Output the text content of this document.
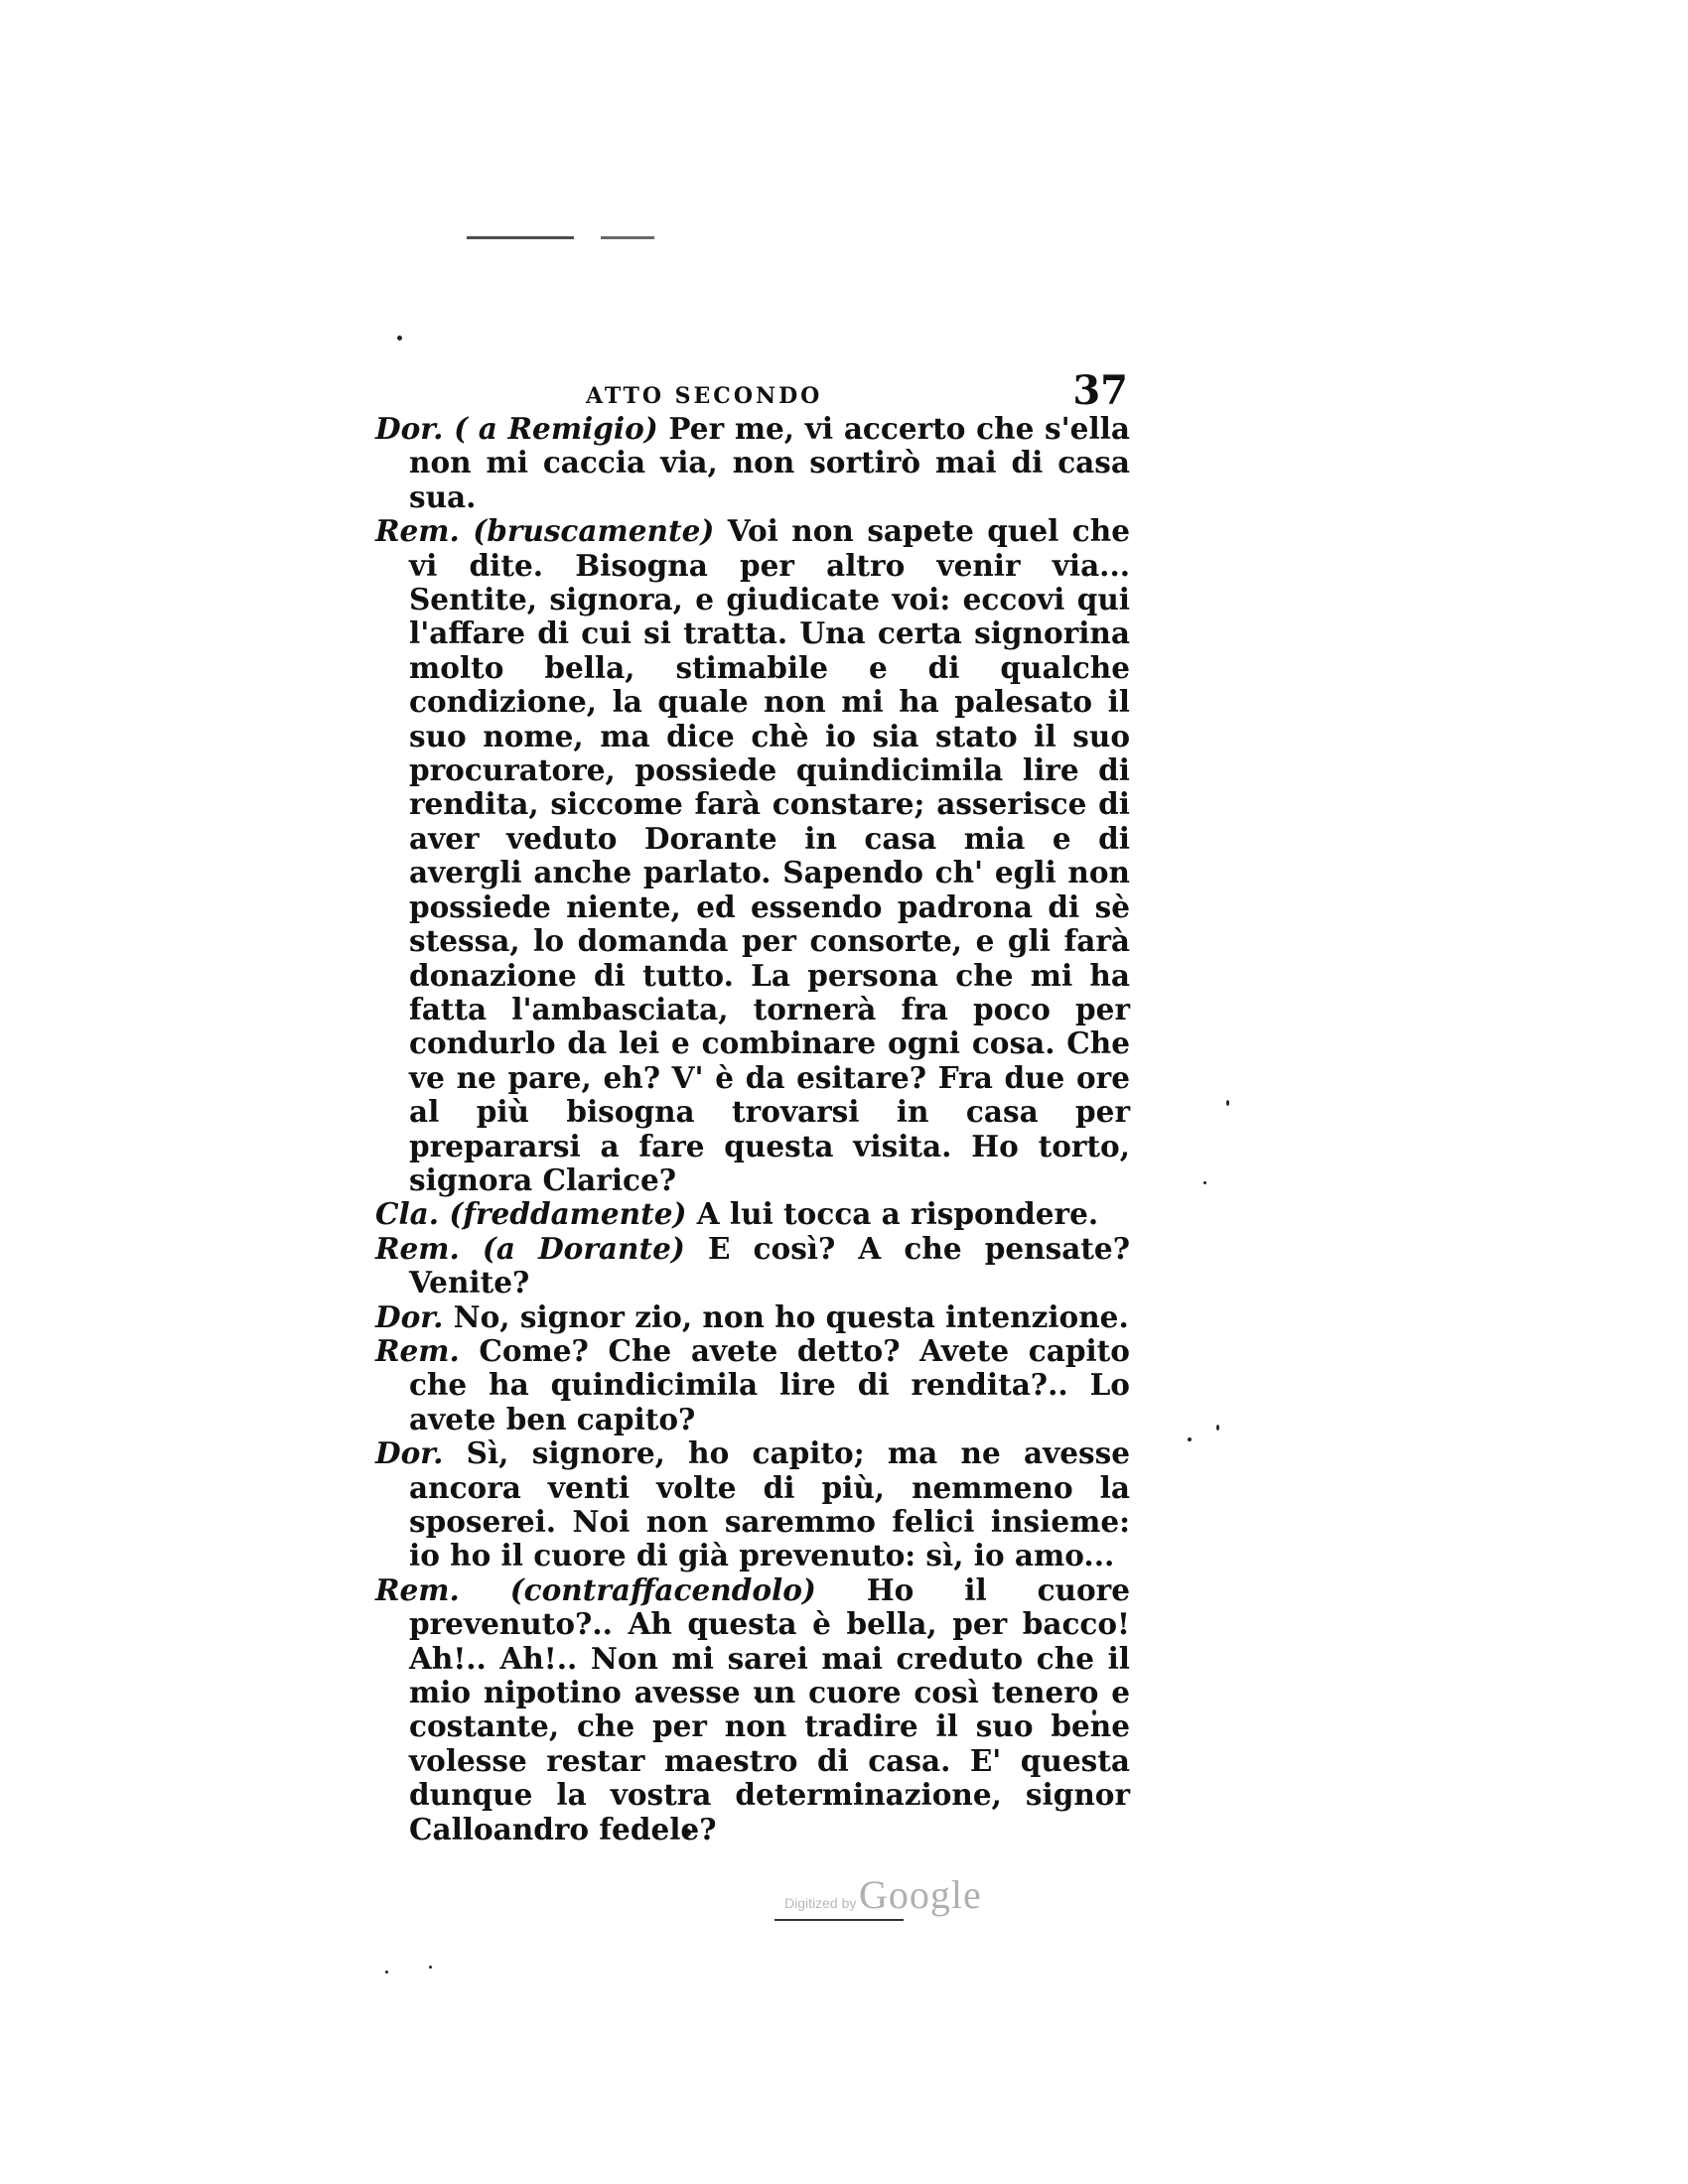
ATTO SECONDO	37

Dor. ( a Remigio) Per me, vi accerto che s'ella non mi caccia via, non sortirò mai di casa sua.

Rem. (bruscamente) Voi non sapete quel che vi dite. Bisogna per altro venir via... Sentite, signora, e giudicate voi: eccovi qui l'affare di cui si tratta. Una certa signorina molto bella, stimabile e di qualche condizione, la quale non mi ha palesato il suo nome, ma dice chè io sia stato il suo procuratore, possiede quindicimila lire di rendita, siccome farà constare; asserisce di aver veduto Dorante in casa mia e di avergli anche parlato. Sapendo ch' egli non possiede niente, ed essendo padrona di sè stessa, lo domanda per consorte, e gli farà donazione di tutto. La persona che mi ha fatta l'ambasciata, tornerà fra poco per condurlo da lei e combinare ogni cosa. Che ve ne pare, eh? V' è da esitare? Fra due ore al più bisogna trovarsi in casa per prepararsi a fare questa visita. Ho torto, signora Clarice?

Cla. (freddamente) A lui tocca a rispondere.

Rem. (a Dorante) E così? A che pensate? Venite?

Dor. No, signor zio, non ho questa intenzione.

Rem. Come? Che avete detto? Avete capito che ha quindicimila lire di rendita?.. Lo avete ben capito?

Dor. Sì, signore, ho capito; ma ne avesse ancora venti volte di più, nemmeno la sposerei. Noi non saremmo felici insieme: io ho il cuore di già prevenuto: sì, io amo...

Rem. (contraffacendolo) Ho il cuore prevenuto?.. Ah questa è bella, per bacco! Ah!.. Ah!.. Non mi sarei mai creduto che il mio nipotino avesse un cuore così tenero e costante, che per non tradire il suo bene volesse restar maestro di casa. E' questa dunque la vostra determinazione, signor Calloandro fedele?

Digitized by Google
